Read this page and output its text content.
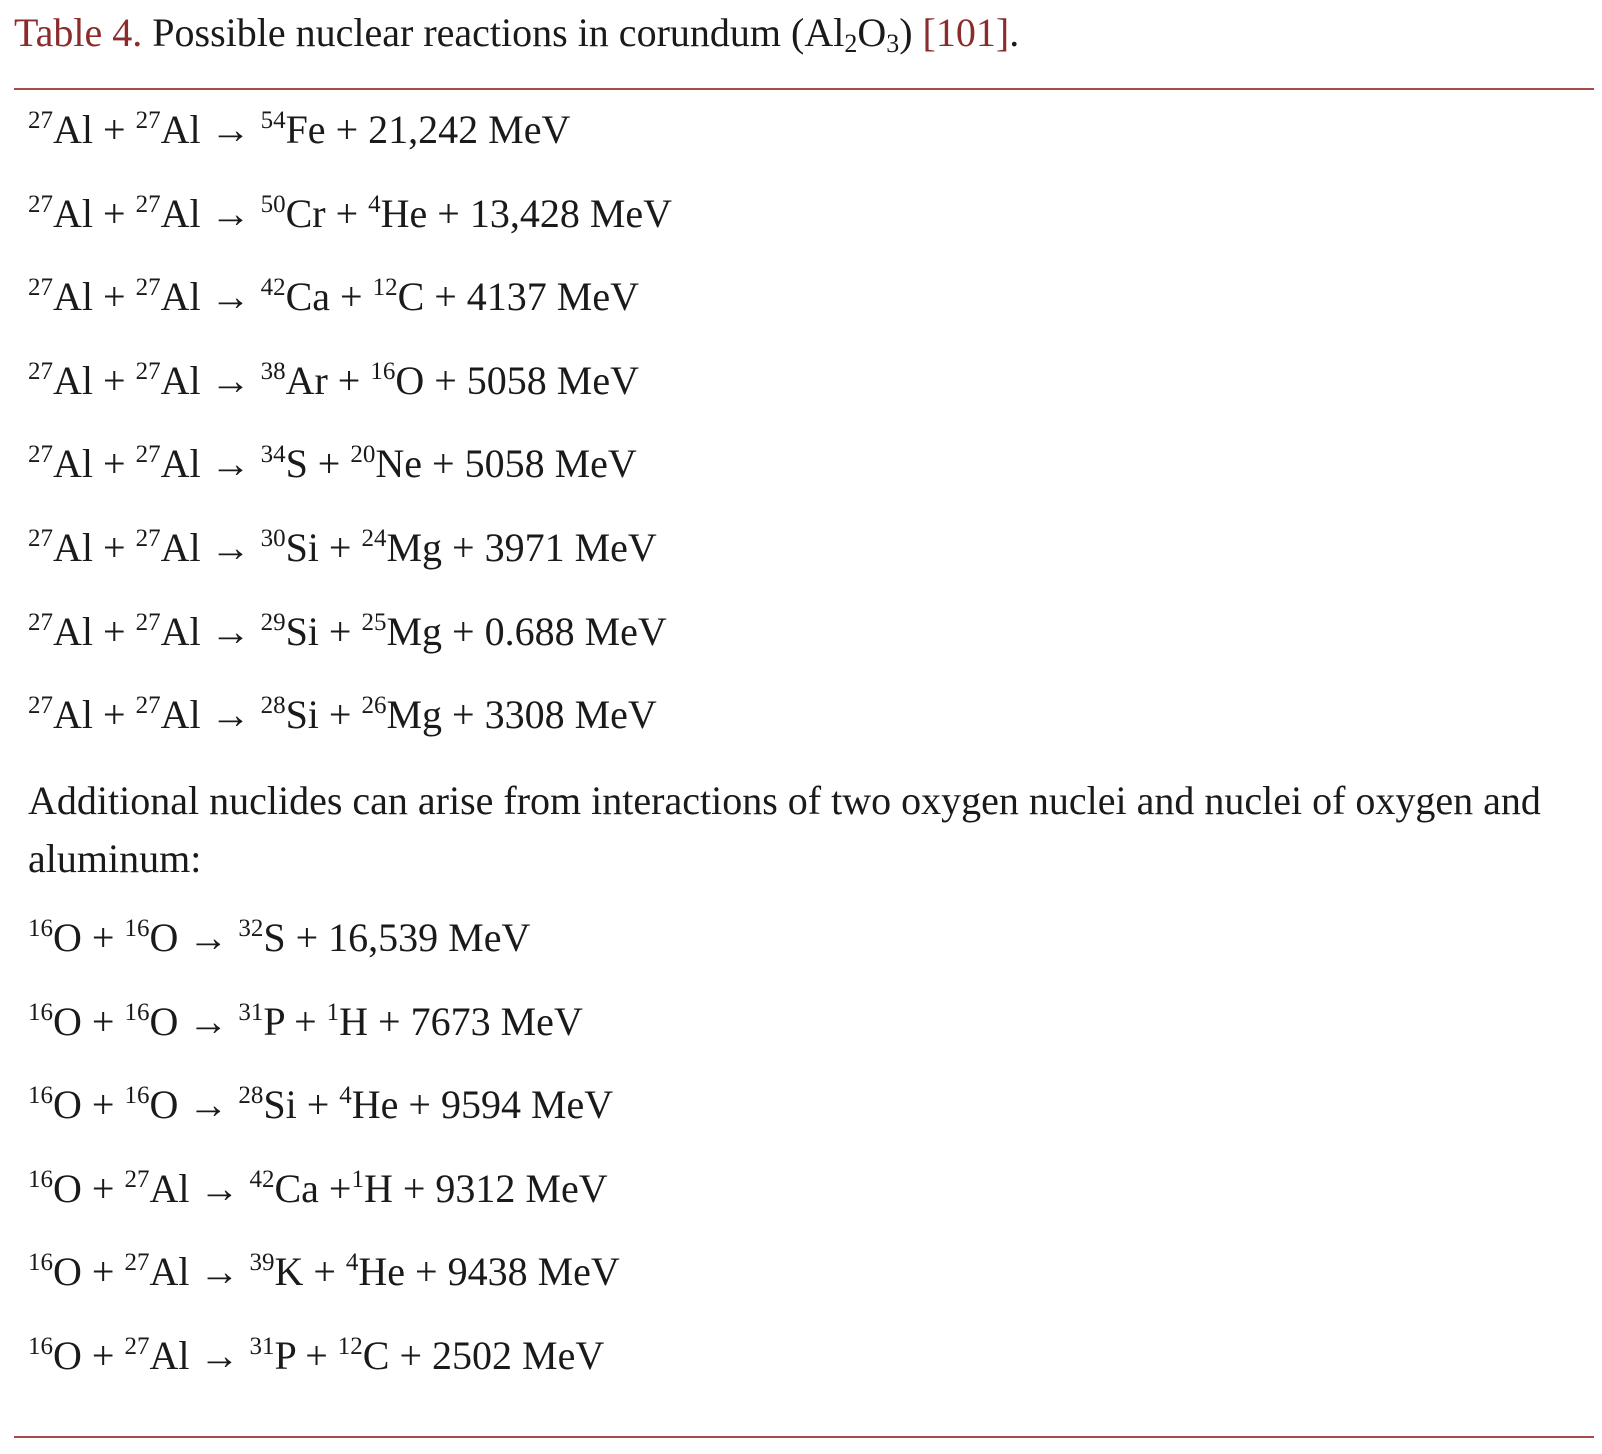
Table 4. Possible nuclear reactions in corundum $(Al_2O_3)$ [101].
$^{27}$Al + $^{27}$Al → $^{54}$Fe + 21,242 MeV
$^{27}$Al + $^{27}$Al → $^{50}$Cr + $^4$He + 13,428 MeV
$^{27}$Al + $^{27}$Al → $^{42}$Ca + $^{12}$C + 4137 MeV
$^{27}$Al + $^{27}$Al → $^{38}$Ar + $^{16}$O + 5058 MeV
$^{27}$Al + $^{27}$Al → $^{34}$S + $^{20}$Ne + 5058 MeV
$^{27}$Al + $^{27}$Al → $^{30}$Si + $^{24}$Mg + 3971 MeV
$^{27}$Al + $^{27}$Al → $^{29}$Si + $^{25}$Mg + 0.688 MeV
$^{27}$Al + $^{27}$Al → $^{28}$Si + $^{26}$Mg + 3308 MeV
Additional nuclides can arise from interactions of two oxygen nuclei and nuclei of oxygen and aluminum:
$^{16}$O + $^{16}$O → $^{32}$S + 16,539 MeV
$^{16}$O + $^{16}$O → $^{31}$P + $^1$H + 7673 MeV
$^{16}$O + $^{16}$O → $^{28}$Si + $^4$He + 9594 MeV
$^{16}$O + $^{27}$Al → $^{42}$Ca +$^1$H + 9312 MeV
$^{16}$O + $^{27}$Al → $^{39}$K + $^4$He + 9438 MeV
$^{16}$O + $^{27}$Al → $^{31}$P + $^{12}$C + 2502 MeV
